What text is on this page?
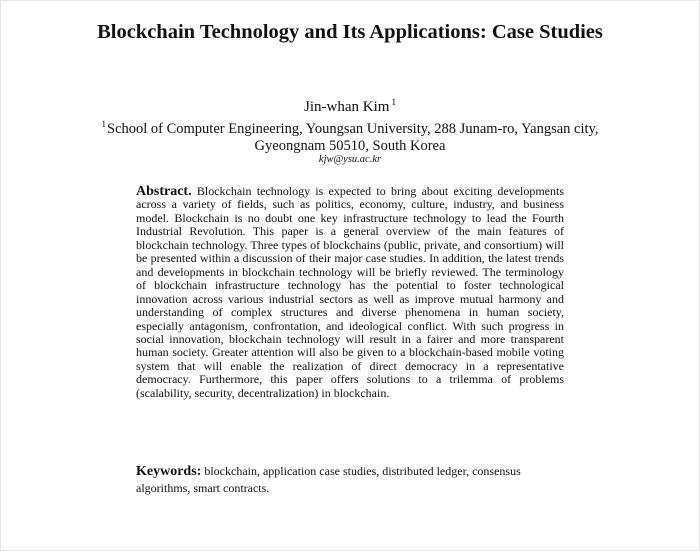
Blockchain Technology and Its Applications: Case Studies
Jin-whan Kim $^1$
$^1$School of Computer Engineering, Youngsan University, 288 Junam-ro, Yangsan city, Gyeongnam 50510, South Korea
kjw@ysu.ac.kr

Abstract. Blockchain technology is expected to bring about exciting developments across a variety of fields, such as politics, economy, culture, industry, and business model. Blockchain is no doubt one key infrastructure technology to lead the Fourth Industrial Revolution. This paper is a general overview of the main features of blockchain technology. Three types of blockchains (public, private, and consortium) will be presented within a discussion of their major case studies. In addition, the latest trends and developments in blockchain technology will be briefly reviewed. The terminology of blockchain infrastructure technology has the potential to foster technological innovation across various industrial sectors as well as improve mutual harmony and understanding of complex structures and diverse phenomena in human society, especially antagonism, confrontation, and ideological conflict. With such progress in social innovation, blockchain technology will result in a fairer and more transparent human society. Greater attention will also be given to a blockchain-based mobile voting system that will enable the realization of direct democracy in a representative democracy. Furthermore, this paper offers solutions to a trilemma of problems (scalability, security, decentralization) in blockchain.

Keywords: blockchain, application case studies, distributed ledger, consensus algorithms, smart contracts.
